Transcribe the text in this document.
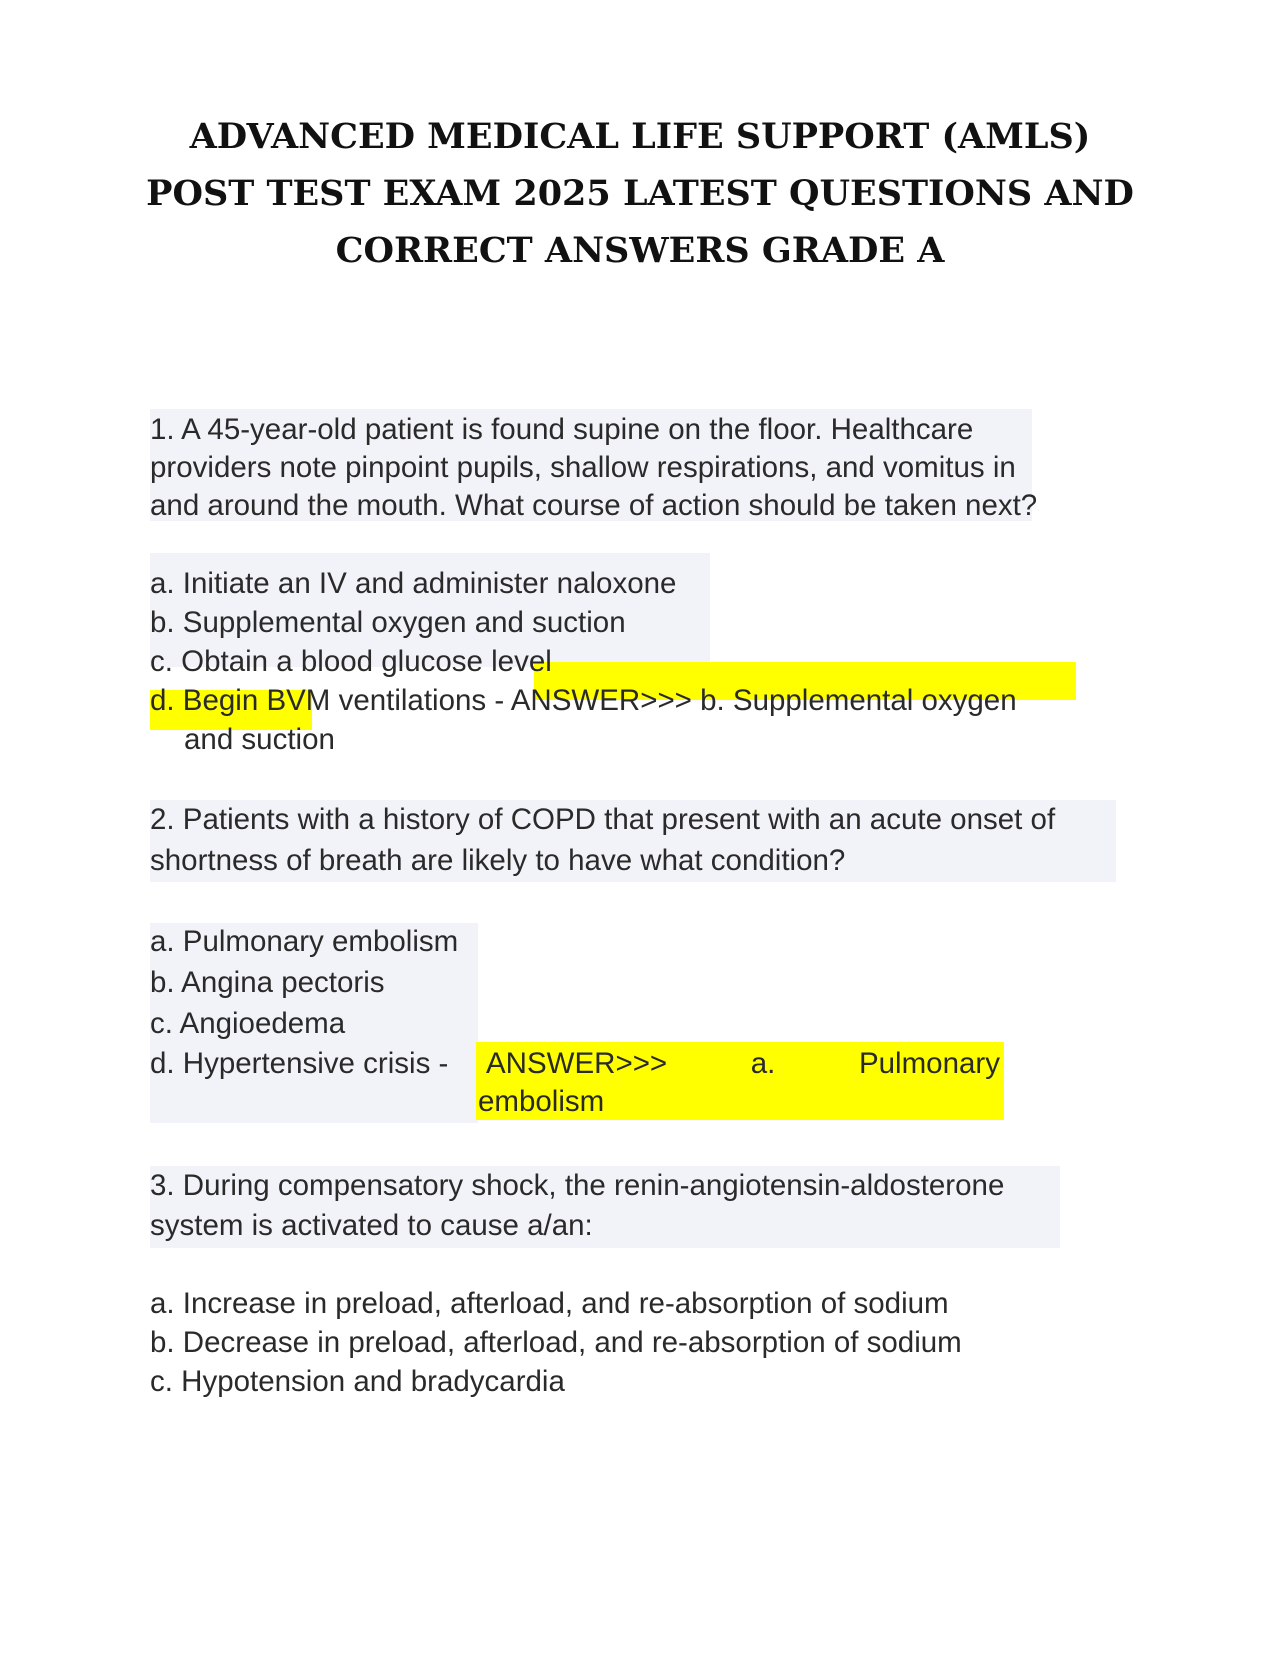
ADVANCED MEDICAL LIFE SUPPORT (AMLS)
POST TEST EXAM 2025 LATEST QUESTIONS AND
CORRECT ANSWERS GRADE A
1. A 45-year-old patient is found supine on the floor. Healthcare
providers note pinpoint pupils, shallow respirations, and vomitus in
and around the mouth. What course of action should be taken next?
a. Initiate an IV and administer naloxone
b. Supplemental oxygen and suction
c. Obtain a blood glucose level
d. Begin BVM ventilations - ANSWER>>> b. Supplemental oxygen
and suction
2. Patients with a history of COPD that present with an acute onset of
shortness of breath are likely to have what condition?
a. Pulmonary embolism
b. Angina pectoris
c. Angioedema
d. Hypertensive crisis - ANSWER>>>	a.	Pulmonary
embolism
3. During compensatory shock, the renin-angiotensin-aldosterone
system is activated to cause a/an:
a. Increase in preload, afterload, and re-absorption of sodium
b. Decrease in preload, afterload, and re-absorption of sodium
c. Hypotension and bradycardia
